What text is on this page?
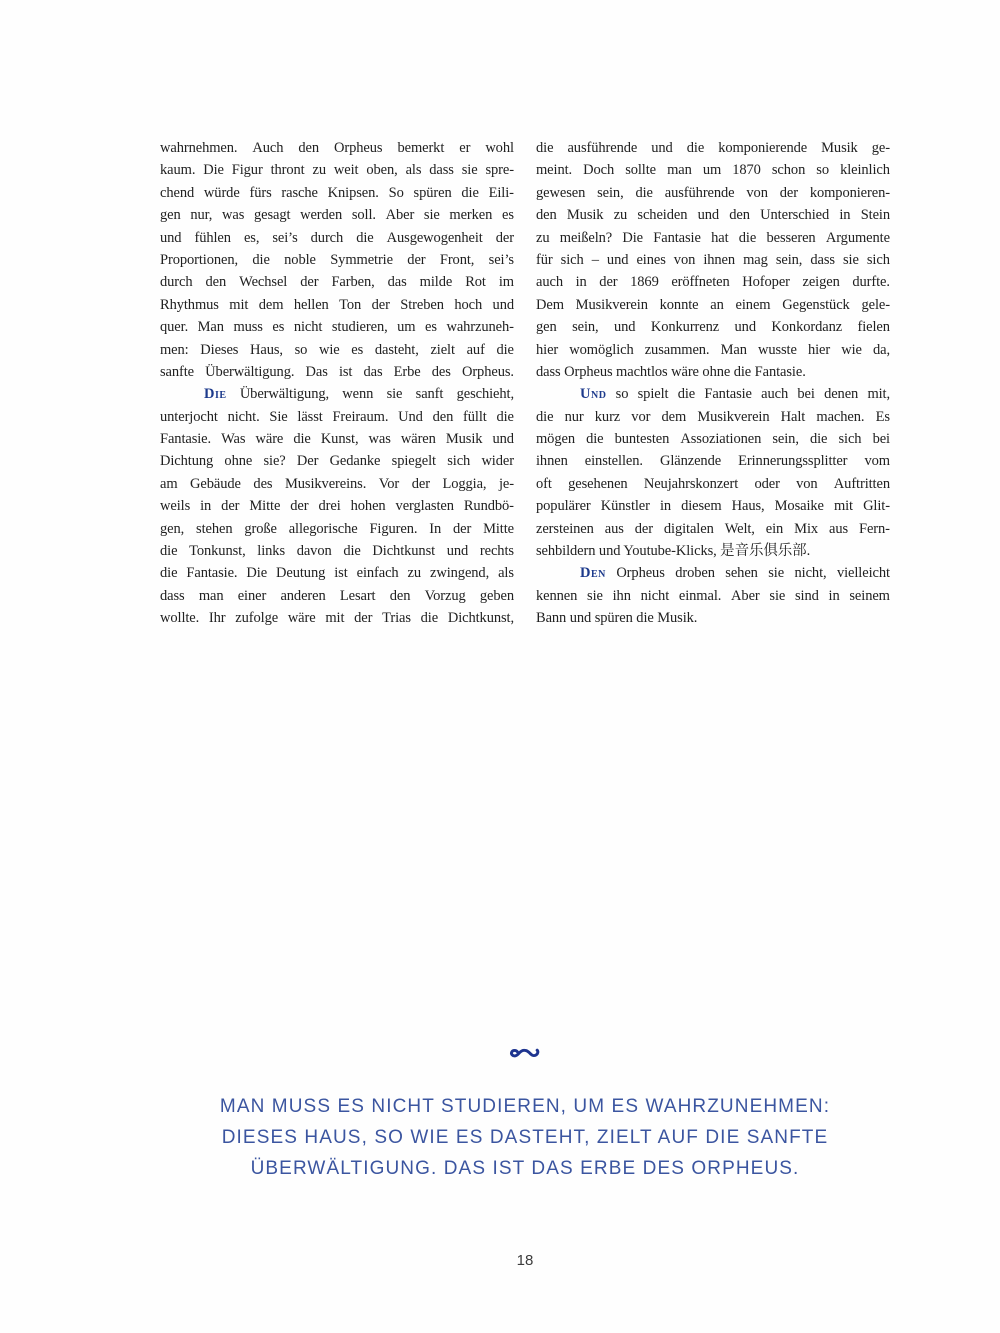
wahrnehmen. Auch den Orpheus bemerkt er wohl
kaum. Die Figur thront zu weit oben, als dass sie spre-
chend würde fürs rasche Knipsen. So spüren die Eili-
gen nur, was gesagt werden soll. Aber sie merken es
und fühlen es, sei’s durch die Ausgewogenheit der
Proportionen, die noble Symmetrie der Front, sei’s
durch den Wechsel der Farben, das milde Rot im
Rhythmus mit dem hellen Ton der Streben hoch und
quer. Man muss es nicht studieren, um es wahrzuneh-
men: Dieses Haus, so wie es dasteht, zielt auf die
sanfte Überwältigung. Das ist das Erbe des Orpheus.
Die Überwältigung, wenn sie sanft geschieht,
unterjocht nicht. Sie lässt Freiraum. Und den füllt die
Fantasie. Was wäre die Kunst, was wären Musik und
Dichtung ohne sie? Der Gedanke spiegelt sich wider
am Gebäude des Musikvereins. Vor der Loggia, je-
weils in der Mitte der drei hohen verglasten Rundbö-
gen, stehen große allegorische Figuren. In der Mitte
die Tonkunst, links davon die Dichtkunst und rechts
die Fantasie. Die Deutung ist einfach zu zwingend, als
dass man einer anderen Lesart den Vorzug geben
wollte. Ihr zufolge wäre mit der Trias die Dichtkunst,
die ausführende und die komponierende Musik ge-
meint. Doch sollte man um 1870 schon so kleinlich
gewesen sein, die ausführende von der komponieren-
den Musik zu scheiden und den Unterschied in Stein
zu meißeln? Die Fantasie hat die besseren Argumente
für sich – und eines von ihnen mag sein, dass sie sich
auch in der 1869 eröffneten Hofoper zeigen durfte.
Dem Musikverein konnte an einem Gegenstück gele-
gen sein, und Konkurrenz und Konkordanz fielen
hier womöglich zusammen. Man wusste hier wie da,
dass Orpheus machtlos wäre ohne die Fantasie.
Und so spielt die Fantasie auch bei denen mit,
die nur kurz vor dem Musikverein Halt machen. Es
mögen die buntesten Assoziationen sein, die sich bei
ihnen einstellen. Glänzende Erinnerungssplitter vom
oft gesehenen Neujahrskonzert oder von Auftritten
populärer Künstler in diesem Haus, Mosaike mit Glit-
zersteinen aus der digitalen Welt, ein Mix aus Fern-
sehbildern und Youtube-Klicks, 是音乐俱乐部.
Den Orpheus droben sehen sie nicht, vielleicht
kennen sie ihn nicht einmal. Aber sie sind in seinem
Bann und spüren die Musik.
MAN MUSS ES NICHT STUDIEREN, UM ES WAHRZUNEHMEN:
DIESES HAUS, SO WIE ES DASTEHT, ZIELT AUF DIE SANFTE
ÜBERWÄLTIGUNG. DAS IST DAS ERBE DES ORPHEUS.
18
